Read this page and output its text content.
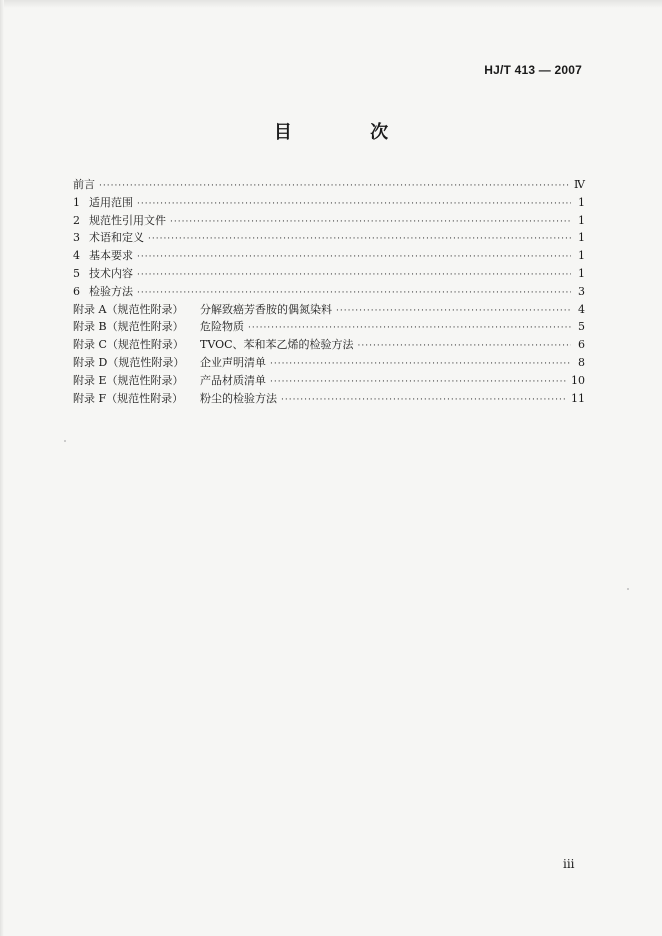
HJ/T 413 — 2007
目 次
前言 ·····	Ⅳ
1 适用范围 ·····	1
2 规范性引用文件 ·····	1
3 术语和定义 ·····	1
4 基本要求 ·····	1
5 技术内容 ·····	1
6 检验方法 ·····	3
附录 A（规范性附录）	分解致癌芳香胺的偶氮染料 ·····	4
附录 B（规范性附录）	危险物质 ·····	5
附录 C（规范性附录）	TVOC、苯和苯乙烯的检验方法 ·····	6
附录 D（规范性附录）	企业声明清单 ·····	8
附录 E（规范性附录）	产品材质清单 ·····	10
附录 F（规范性附录）	粉尘的检验方法 ·····	11
iii
